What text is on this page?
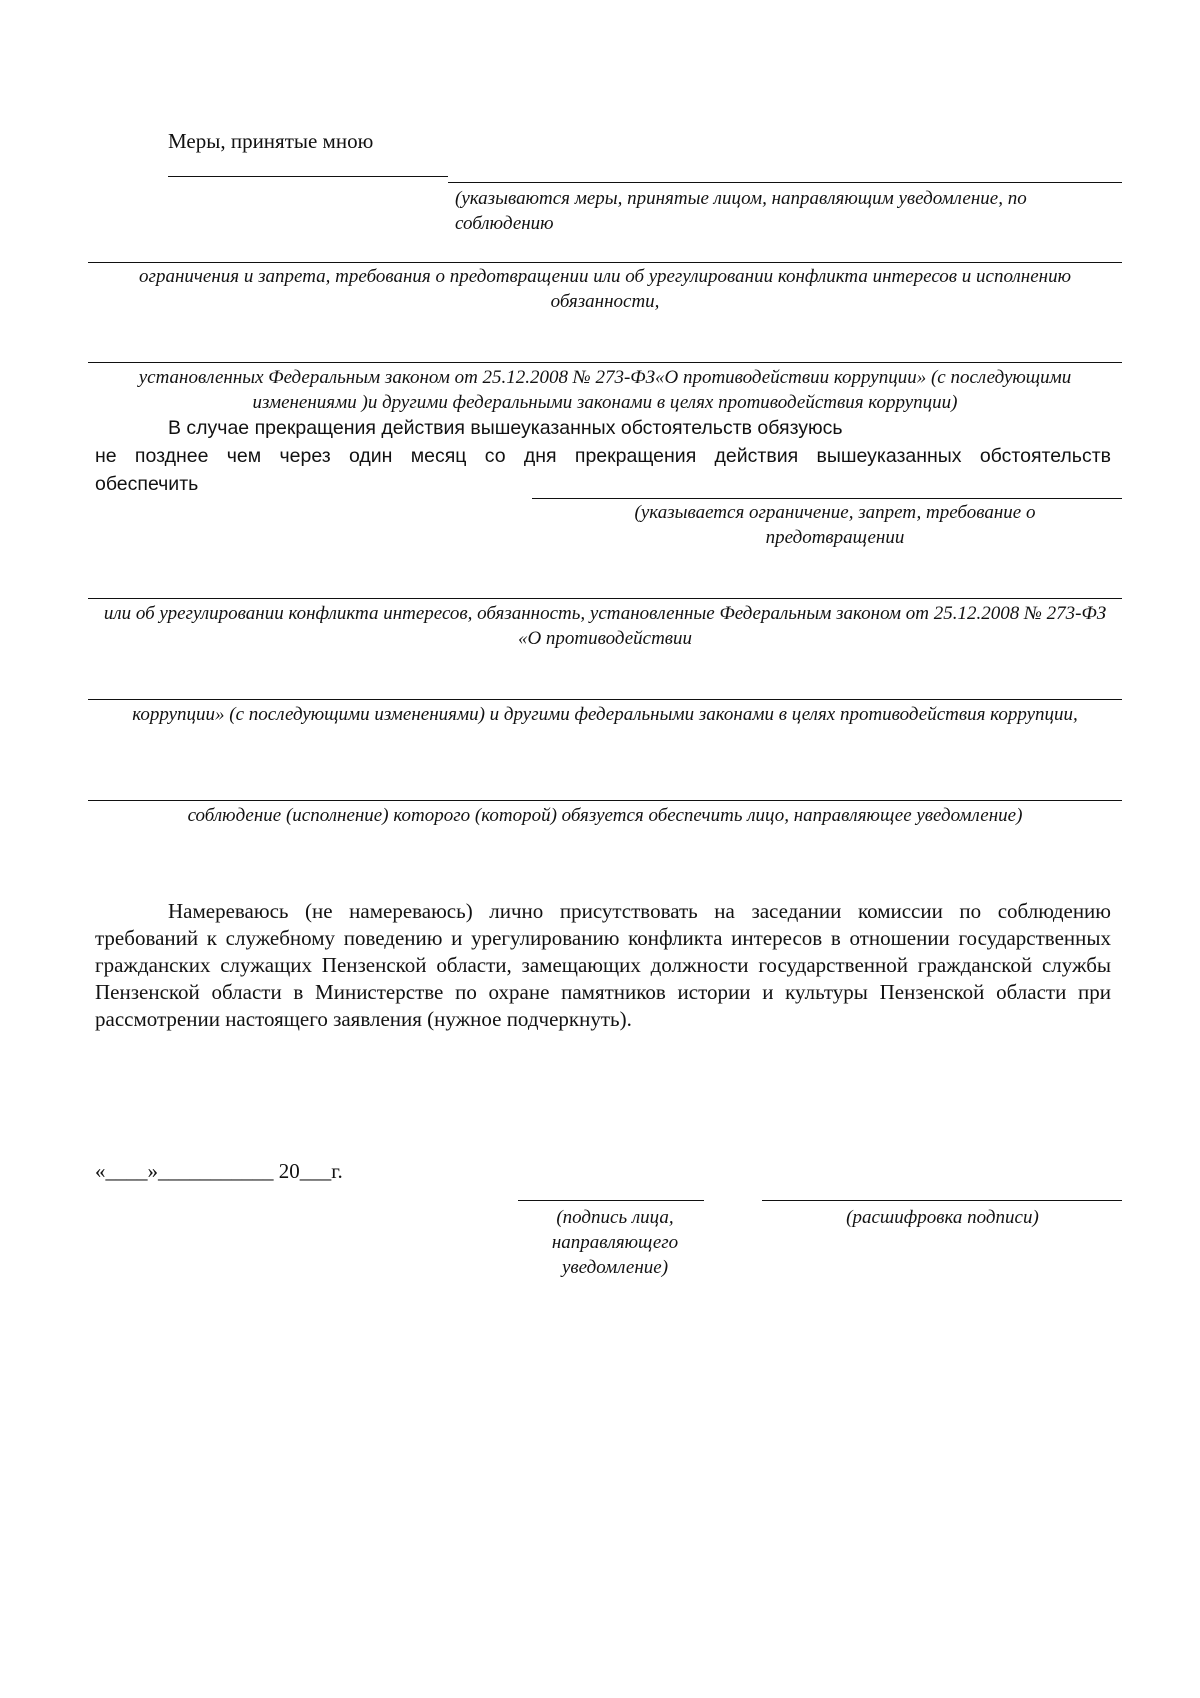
Меры, принятые мною
(указываются меры, принятые лицом, направляющим уведомление, по соблюдению
ограничения и запрета, требования о предотвращении или об урегулировании конфликта интересов и исполнению обязанности,
установленных Федеральным законом от 25.12.2008 № 273-ФЗ«О противодействии коррупции» (с последующими изменениями )и другими федеральными законами в целях противодействия коррупции)
В случае прекращения действия вышеуказанных обстоятельств обязуюсь
не позднее чем через один месяц со дня прекращения действия вышеуказанных обстоятельств
обеспечить
(указывается ограничение, запрет, требование о предотвращении
или об урегулировании конфликта интересов, обязанность, установленные Федеральным законом от 25.12.2008 № 273-ФЗ «О противодействии
коррупции» (с последующими изменениями) и другими федеральными законами в целях противодействия коррупции,
соблюдение (исполнение) которого (которой) обязуется обеспечить лицо, направляющее уведомление)
Намереваюсь (не намереваюсь) лично присутствовать на заседании комиссии по соблюдению требований к служебному поведению и урегулированию конфликта интересов в отношении государственных гражданских служащих Пензенской области, замещающих должности государственной гражданской службы Пензенской области в Министерстве по охране памятников истории и культуры Пензенской области при рассмотрении настоящего заявления (нужное подчеркнуть).
«____»___________ 20___г.
(подпись лица, направляющего уведомление)
(расшифровка подписи)
